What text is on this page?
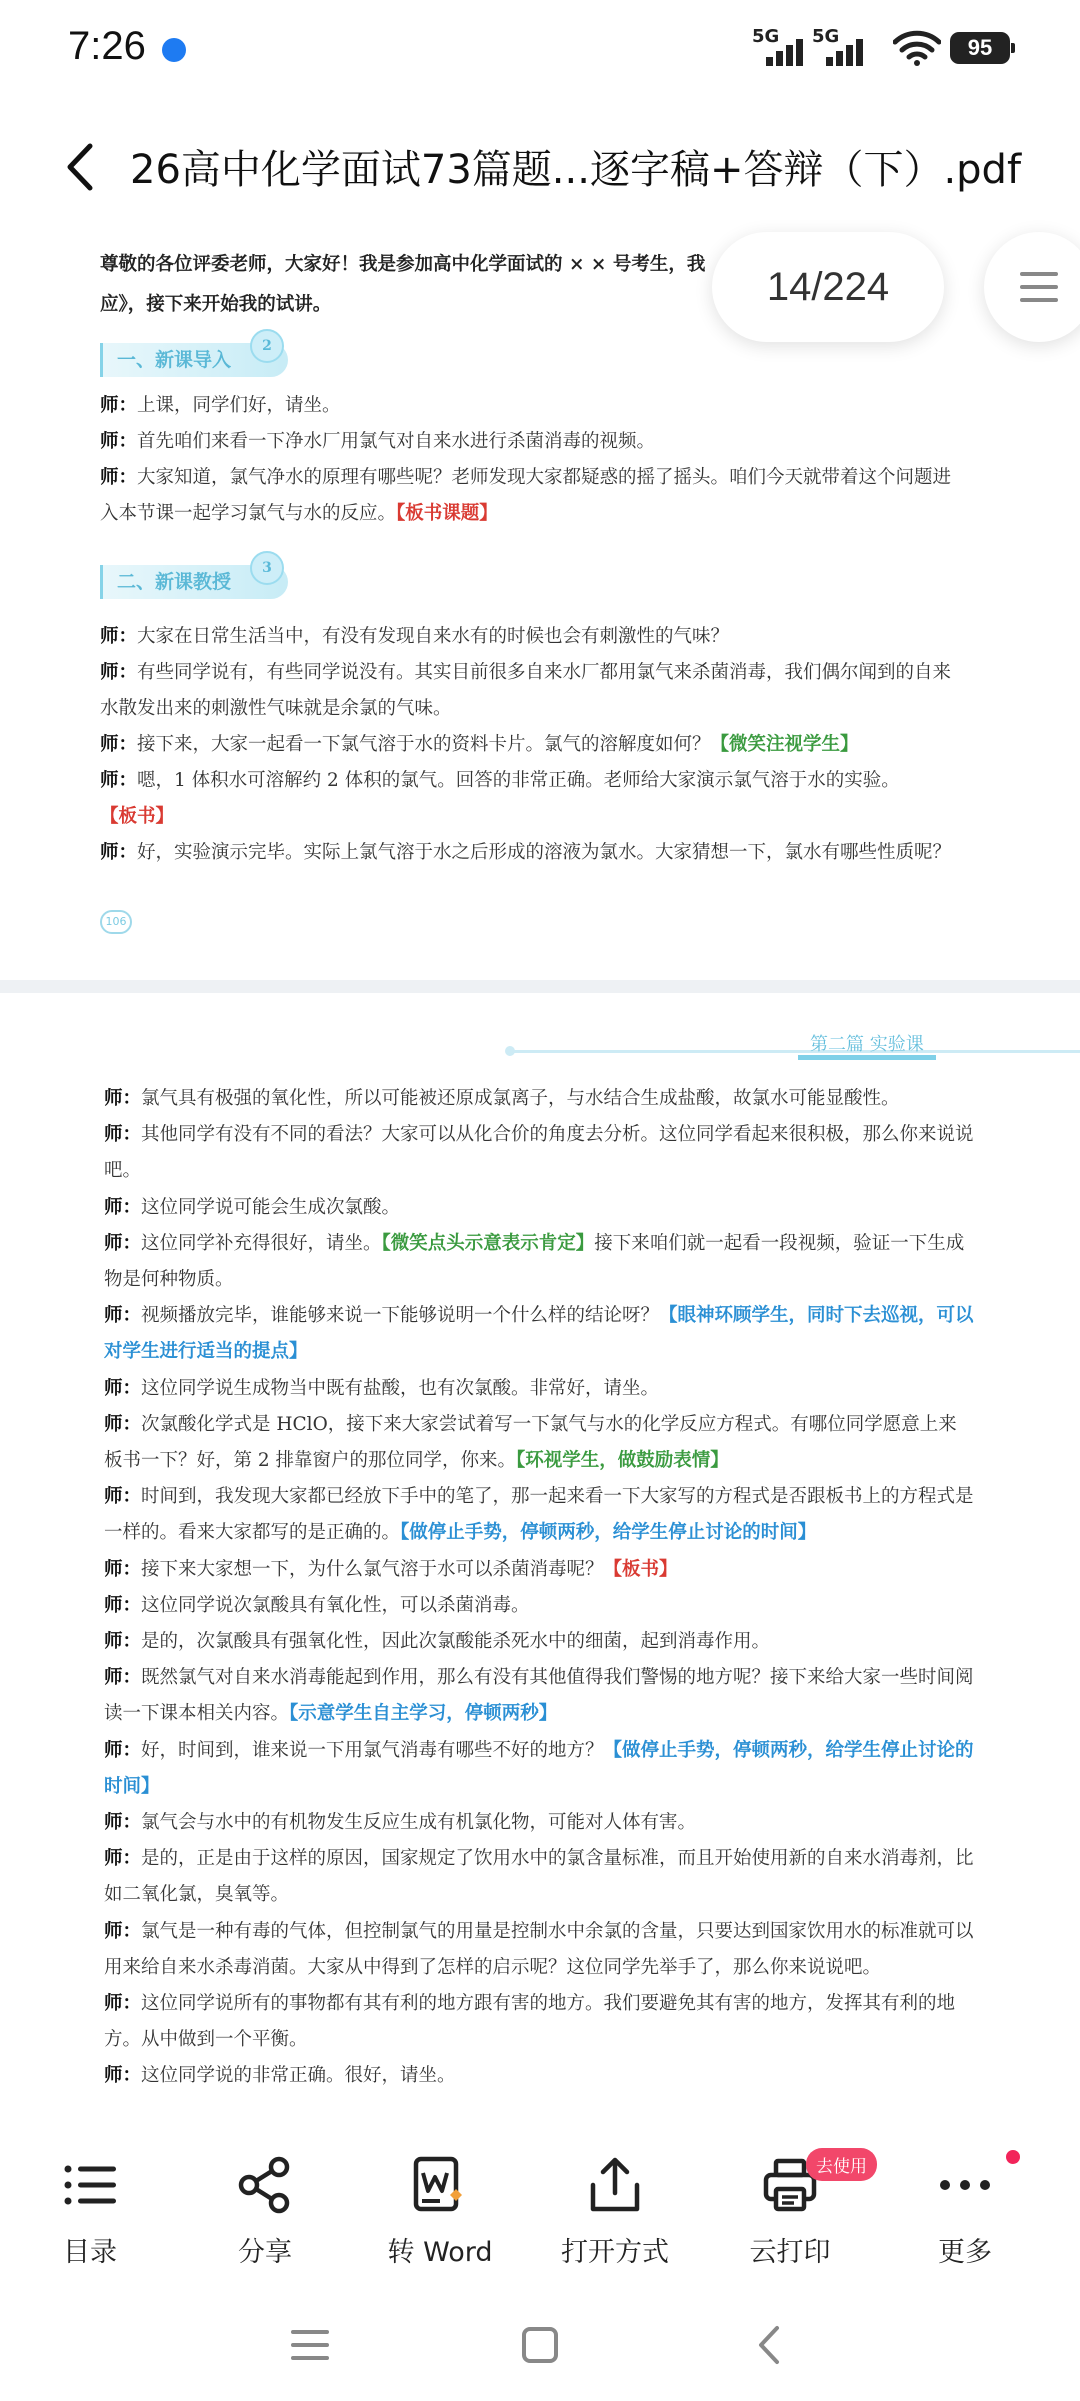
7:26	5G 5G	95
26高中化学面试73篇题...逐字稿+答辩（下）.pdf

尊敬的各位评委老师，大家好！我是参加高中化学面试的 × × 号考生，我

应》，接下来开始我的试讲。

一、新课导入
2

师：上课，同学们好，请坐。

师：首先咱们来看一下净水厂用氯气对自来水进行杀菌消毒的视频。

师：大家知道，氯气净水的原理有哪些呢？老师发现大家都疑惑的摇了摇头。咱们今天就带着这个问题进入本节课一起学习氯气与水的反应。【板书课题】

二、新课教授
3

师：大家在日常生活当中，有没有发现自来水有的时候也会有刺激性的气味？

师：有些同学说有，有些同学说没有。其实目前很多自来水厂都用氯气来杀菌消毒，我们偶尔闻到的自来水散发出来的刺激性气味就是余氯的气味。

师：接下来，大家一起看一下氯气溶于水的资料卡片。氯气的溶解度如何？【微笑注视学生】

师：嗯，1 体积水可溶解约 2 体积的氯气。回答的非常正确。老师给大家演示氯气溶于水的实验。【板书】

师：好，实验演示完毕。实际上氯气溶于水之后形成的溶液为氯水。大家猜想一下，氯水有哪些性质呢？

106
第二篇 实验课

师：氯气具有极强的氧化性，所以可能被还原成氯离子，与水结合生成盐酸，故氯水可能显酸性。

师：其他同学有没有不同的看法？大家可以从化合价的角度去分析。这位同学看起来很积极，那么你来说说吧。

师：这位同学说可能会生成次氯酸。

师：这位同学补充得很好，请坐。【微笑点头示意表示肯定】接下来咱们就一起看一段视频，验证一下生成物是何种物质。

师：视频播放完毕，谁能够来说一下能够说明一个什么样的结论呀？【眼神环顾学生，同时下去巡视，可以对学生进行适当的提点】

师：这位同学说生成物当中既有盐酸，也有次氯酸。非常好，请坐。

师：次氯酸化学式是 HClO，接下来大家尝试着写一下氯气与水的化学反应方程式。有哪位同学愿意上来板书一下？好，第 2 排靠窗户的那位同学，你来。【环视学生，做鼓励表情】

师：时间到，我发现大家都已经放下手中的笔了，那一起来看一下大家写的方程式是否跟板书上的方程式是一样的。看来大家都写的是正确的。【做停止手势，停顿两秒，给学生停止讨论的时间】

师：接下来大家想一下，为什么氯气溶于水可以杀菌消毒呢？【板书】

师：这位同学说次氯酸具有氧化性，可以杀菌消毒。

师：是的，次氯酸具有强氧化性，因此次氯酸能杀死水中的细菌，起到消毒作用。

师：既然氯气对自来水消毒能起到作用，那么有没有其他值得我们警惕的地方呢？接下来给大家一些时间阅读一下课本相关内容。【示意学生自主学习，停顿两秒】

师：好，时间到，谁来说一下用氯气消毒有哪些不好的地方？【做停止手势，停顿两秒，给学生停止讨论的时间】

师：氯气会与水中的有机物发生反应生成有机氯化物，可能对人体有害。

师：是的，正是由于这样的原因，国家规定了饮用水中的氯含量标准，而且开始使用新的自来水消毒剂，比如二氧化氯，臭氧等。

师：氯气是一种有毒的气体，但控制氯气的用量是控制水中余氯的含量，只要达到国家饮用水的标准就可以用来给自来水杀毒消菌。大家从中得到了怎样的启示呢？这位同学先举手了，那么你来说说吧。

师：这位同学说所有的事物都有其有利的地方跟有害的地方。我们要避免其有害的地方，发挥其有利的地方。从中做到一个平衡。

师：这位同学说的非常正确。很好，请坐。

14/224
目录	分享	转 Word	打开方式
去使用
云打印	更多
